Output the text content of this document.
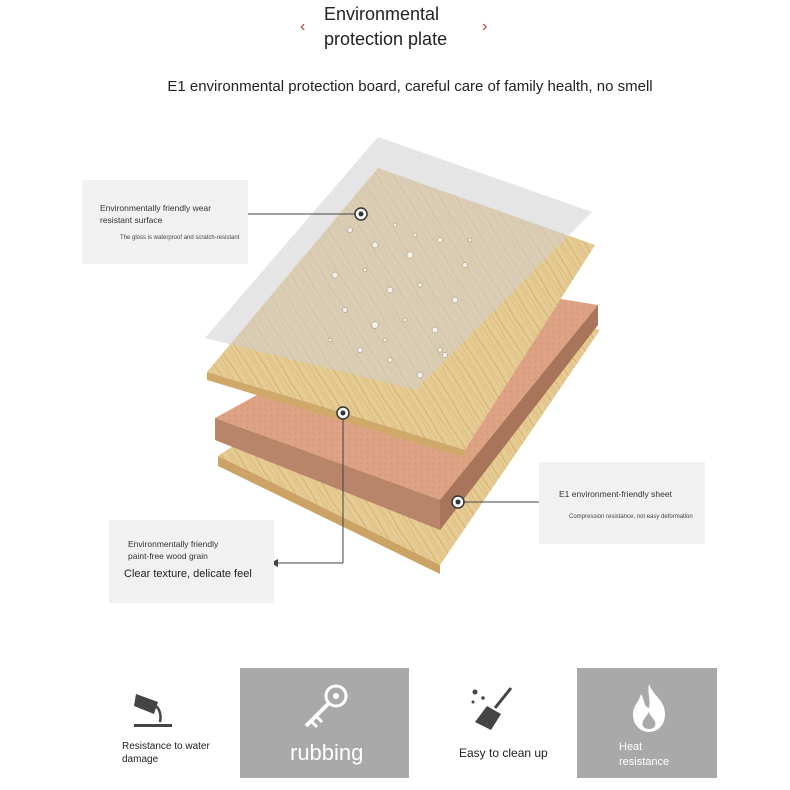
‹
Environmental
protection plate
›
E1 environmental protection board, careful care of family health, no smell
Environmentally friendly wear resistant surface
The gloss is waterproof and scratch-resistant
E1 environment-friendly sheet
Compression resistance, not easy deformation
Environmentally friendly paint-free wood grain
Clear texture, delicate feel
Resistance to water damage	rubbing	Easy to clean up	Heat resistance
